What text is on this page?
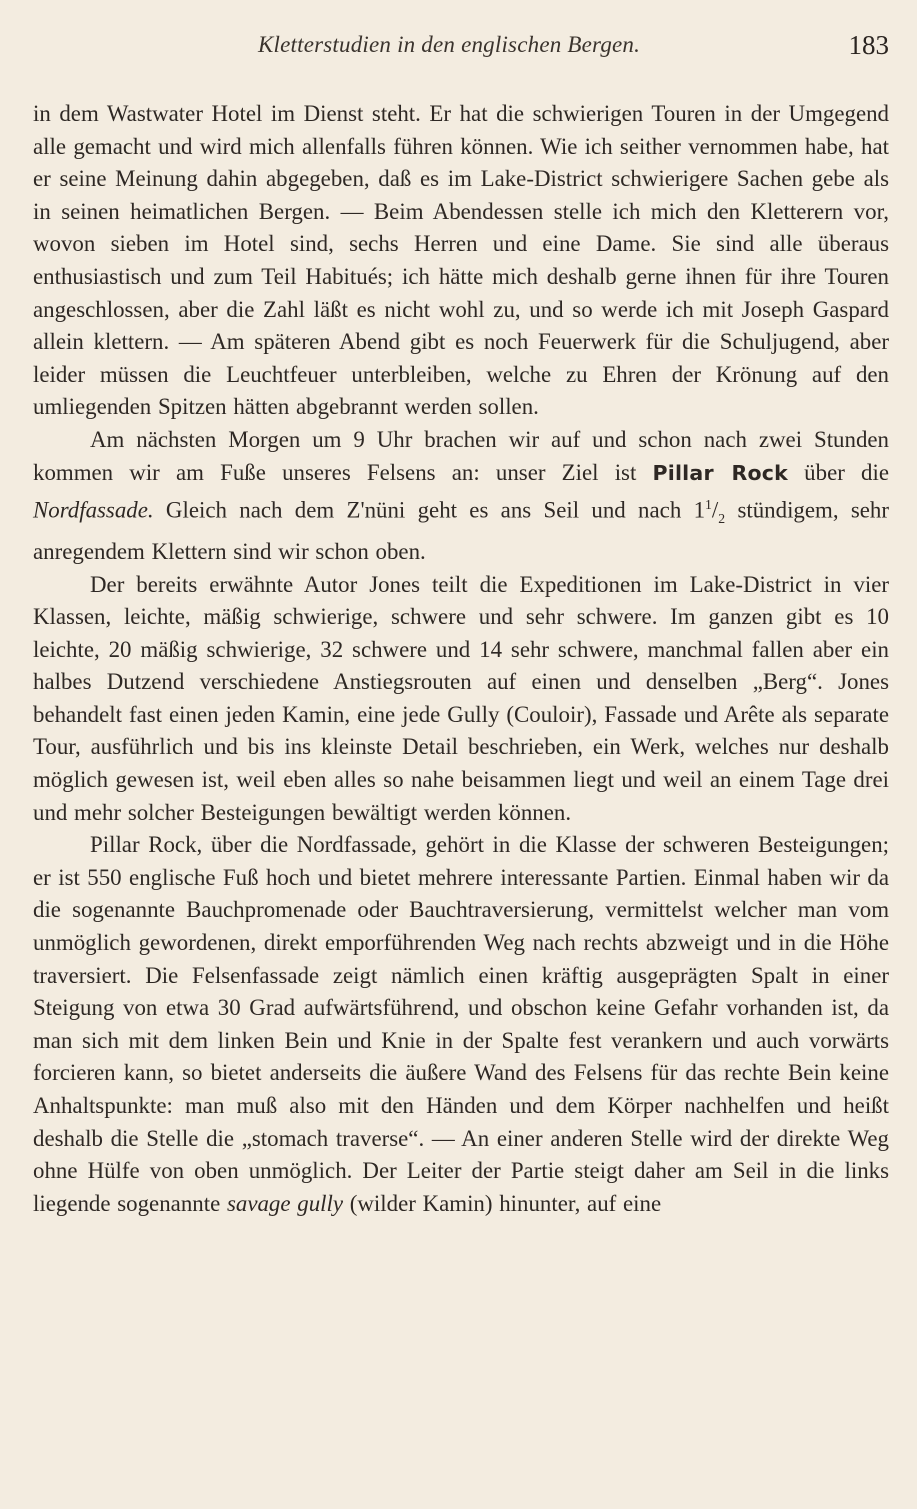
Kletterstudien in den englischen Bergen.	183

in dem Wastwater Hotel im Dienst steht. Er hat die schwierigen Touren in der Umgegend alle gemacht und wird mich allenfalls führen können. Wie ich seither vernommen habe, hat er seine Meinung dahin abgegeben, daß es im Lake-District schwierigere Sachen gebe als in seinen heimatlichen Bergen. — Beim Abendessen stelle ich mich den Kletterern vor, wovon sieben im Hotel sind, sechs Herren und eine Dame. Sie sind alle überaus enthusiastisch und zum Teil Habitués; ich hätte mich deshalb gerne ihnen für ihre Touren angeschlossen, aber die Zahl läßt es nicht wohl zu, und so werde ich mit Joseph Gaspard allein klettern. — Am späteren Abend gibt es noch Feuerwerk für die Schuljugend, aber leider müssen die Leuchtfeuer unterbleiben, welche zu Ehren der Krönung auf den umliegenden Spitzen hätten abgebrannt werden sollen.

Am nächsten Morgen um 9 Uhr brachen wir auf und schon nach zwei Stunden kommen wir am Fuße unseres Felsens an: unser Ziel ist Pillar Rock über die Nordfassade. Gleich nach dem Z'nüni geht es ans Seil und nach $1^1/_2$ stündigem, sehr anregendem Klettern sind wir schon oben.

Der bereits erwähnte Autor Jones teilt die Expeditionen im Lake-District in vier Klassen, leichte, mäßig schwierige, schwere und sehr schwere. Im ganzen gibt es 10 leichte, 20 mäßig schwierige, 32 schwere und 14 sehr schwere, manchmal fallen aber ein halbes Dutzend verschiedene Anstiegsrouten auf einen und denselben „Berg“. Jones behandelt fast einen jeden Kamin, eine jede Gully (Couloir), Fassade und Arête als separate Tour, ausführlich und bis ins kleinste Detail beschrieben, ein Werk, welches nur deshalb möglich gewesen ist, weil eben alles so nahe beisammen liegt und weil an einem Tage drei und mehr solcher Besteigungen bewältigt werden können.

Pillar Rock, über die Nordfassade, gehört in die Klasse der schweren Besteigungen; er ist 550 englische Fuß hoch und bietet mehrere interessante Partien. Einmal haben wir da die sogenannte Bauchpromenade oder Bauchtraversierung, vermittelst welcher man vom unmöglich gewordenen, direkt emporführenden Weg nach rechts abzweigt und in die Höhe traversiert. Die Felsenfassade zeigt nämlich einen kräftig ausgeprägten Spalt in einer Steigung von etwa 30 Grad aufwärtsführend, und obschon keine Gefahr vorhanden ist, da man sich mit dem linken Bein und Knie in der Spalte fest verankern und auch vorwärts forcieren kann, so bietet anderseits die äußere Wand des Felsens für das rechte Bein keine Anhaltspunkte: man muß also mit den Händen und dem Körper nachhelfen und heißt deshalb die Stelle die „stomach traverse“. — An einer anderen Stelle wird der direkte Weg ohne Hülfe von oben unmöglich. Der Leiter der Partie steigt daher am Seil in die links liegende sogenannte savage gully (wilder Kamin) hinunter, auf eine
